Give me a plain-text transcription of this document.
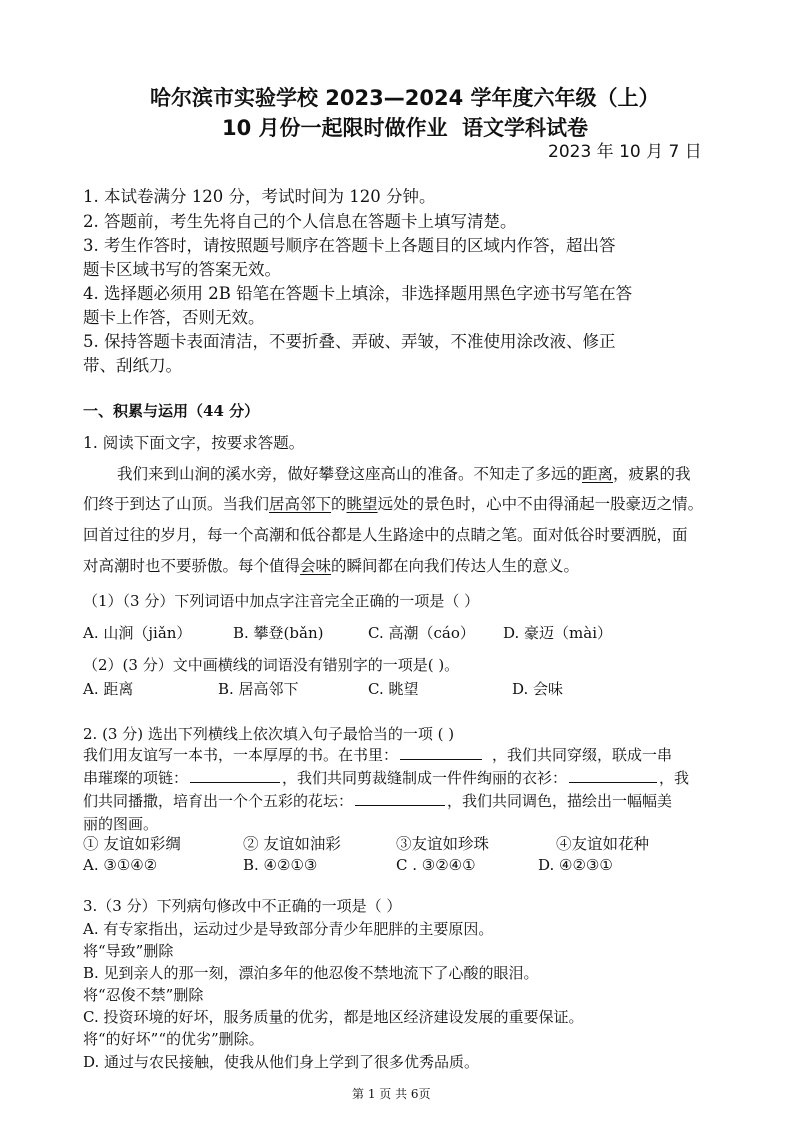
哈尔滨市实验学校 2023—2024 学年度六年级（上）
10 月份一起限时做作业 语文学科试卷
2023 年 10 月 7 日
1. 本试卷满分 120 分，考试时间为 120 分钟。
2. 答题前，考生先将自己的个人信息在答题卡上填写清楚。
3. 考生作答时，请按照题号顺序在答题卡上各题目的区域内作答，超出答
题卡区域书写的答案无效。
4. 选择题必须用 2B 铅笔在答题卡上填涂，非选择题用黑色字迹书写笔在答
题卡上作答，否则无效。
5. 保持答题卡表面清洁，不要折叠、弄破、弄皱，不准使用涂改液、修正
带、刮纸刀。
一、积累与运用（44 分）
1. 阅读下面文字，按要求答题。
我们来到山涧的溪水旁，做好攀登这座高山的准备。不知走了多远的距离，疲累的我
们终于到达了山顶。当我们居高邻下的眺望远处的景色时，心中不由得涌起一股豪迈之情。
回首过往的岁月，每一个高潮和低谷都是人生路途中的点睛之笔。面对低谷时要洒脱，面
对高潮时也不要骄傲。每个值得会味的瞬间都在向我们传达人生的意义。
（1）（3 分）下列词语中加点字注音完全正确的一项是（ ）
A. 山涧（jiǎn）	B. 攀登(bǎn)	C. 高潮（cáo） D. 豪迈（mài）
（2）(3 分）文中画横线的词语没有错别字的一项是( )。
A. 距离	B. 居高邻下	C. 眺望	D. 会味
2. (3 分) 选出下列横线上依次填入句子最恰当的一项 ( )
我们用友谊写一本书，一本厚厚的书。在书里：	，我们共同穿缀，联成一串
串璀璨的项链：	，我们共同剪裁缝制成一件件绚丽的衣衫：	，我
们共同播撒，培育出一个个五彩的花坛：	，我们共同调色，描绘出一幅幅美
丽的图画。
① 友谊如彩绸	② 友谊如油彩	③友谊如珍珠	④友谊如花种
A. ③①④②	B. ④②①③	C . ③②④①	D. ④②③①
3.（3 分）下列病句修改中不正确的一项是（ ）
A. 有专家指出，运动过少是导致部分青少年肥胖的主要原因。
将“导致”删除
B. 见到亲人的那一刻，漂泊多年的他忍俊不禁地流下了心酸的眼泪。
将“忍俊不禁”删除
C. 投资环境的好坏，服务质量的优劣，都是地区经济建设发展的重要保证。
将“的好坏”“的优劣”删除。
D. 通过与农民接触，使我从他们身上学到了很多优秀品质。
第 1 页 共 6页
